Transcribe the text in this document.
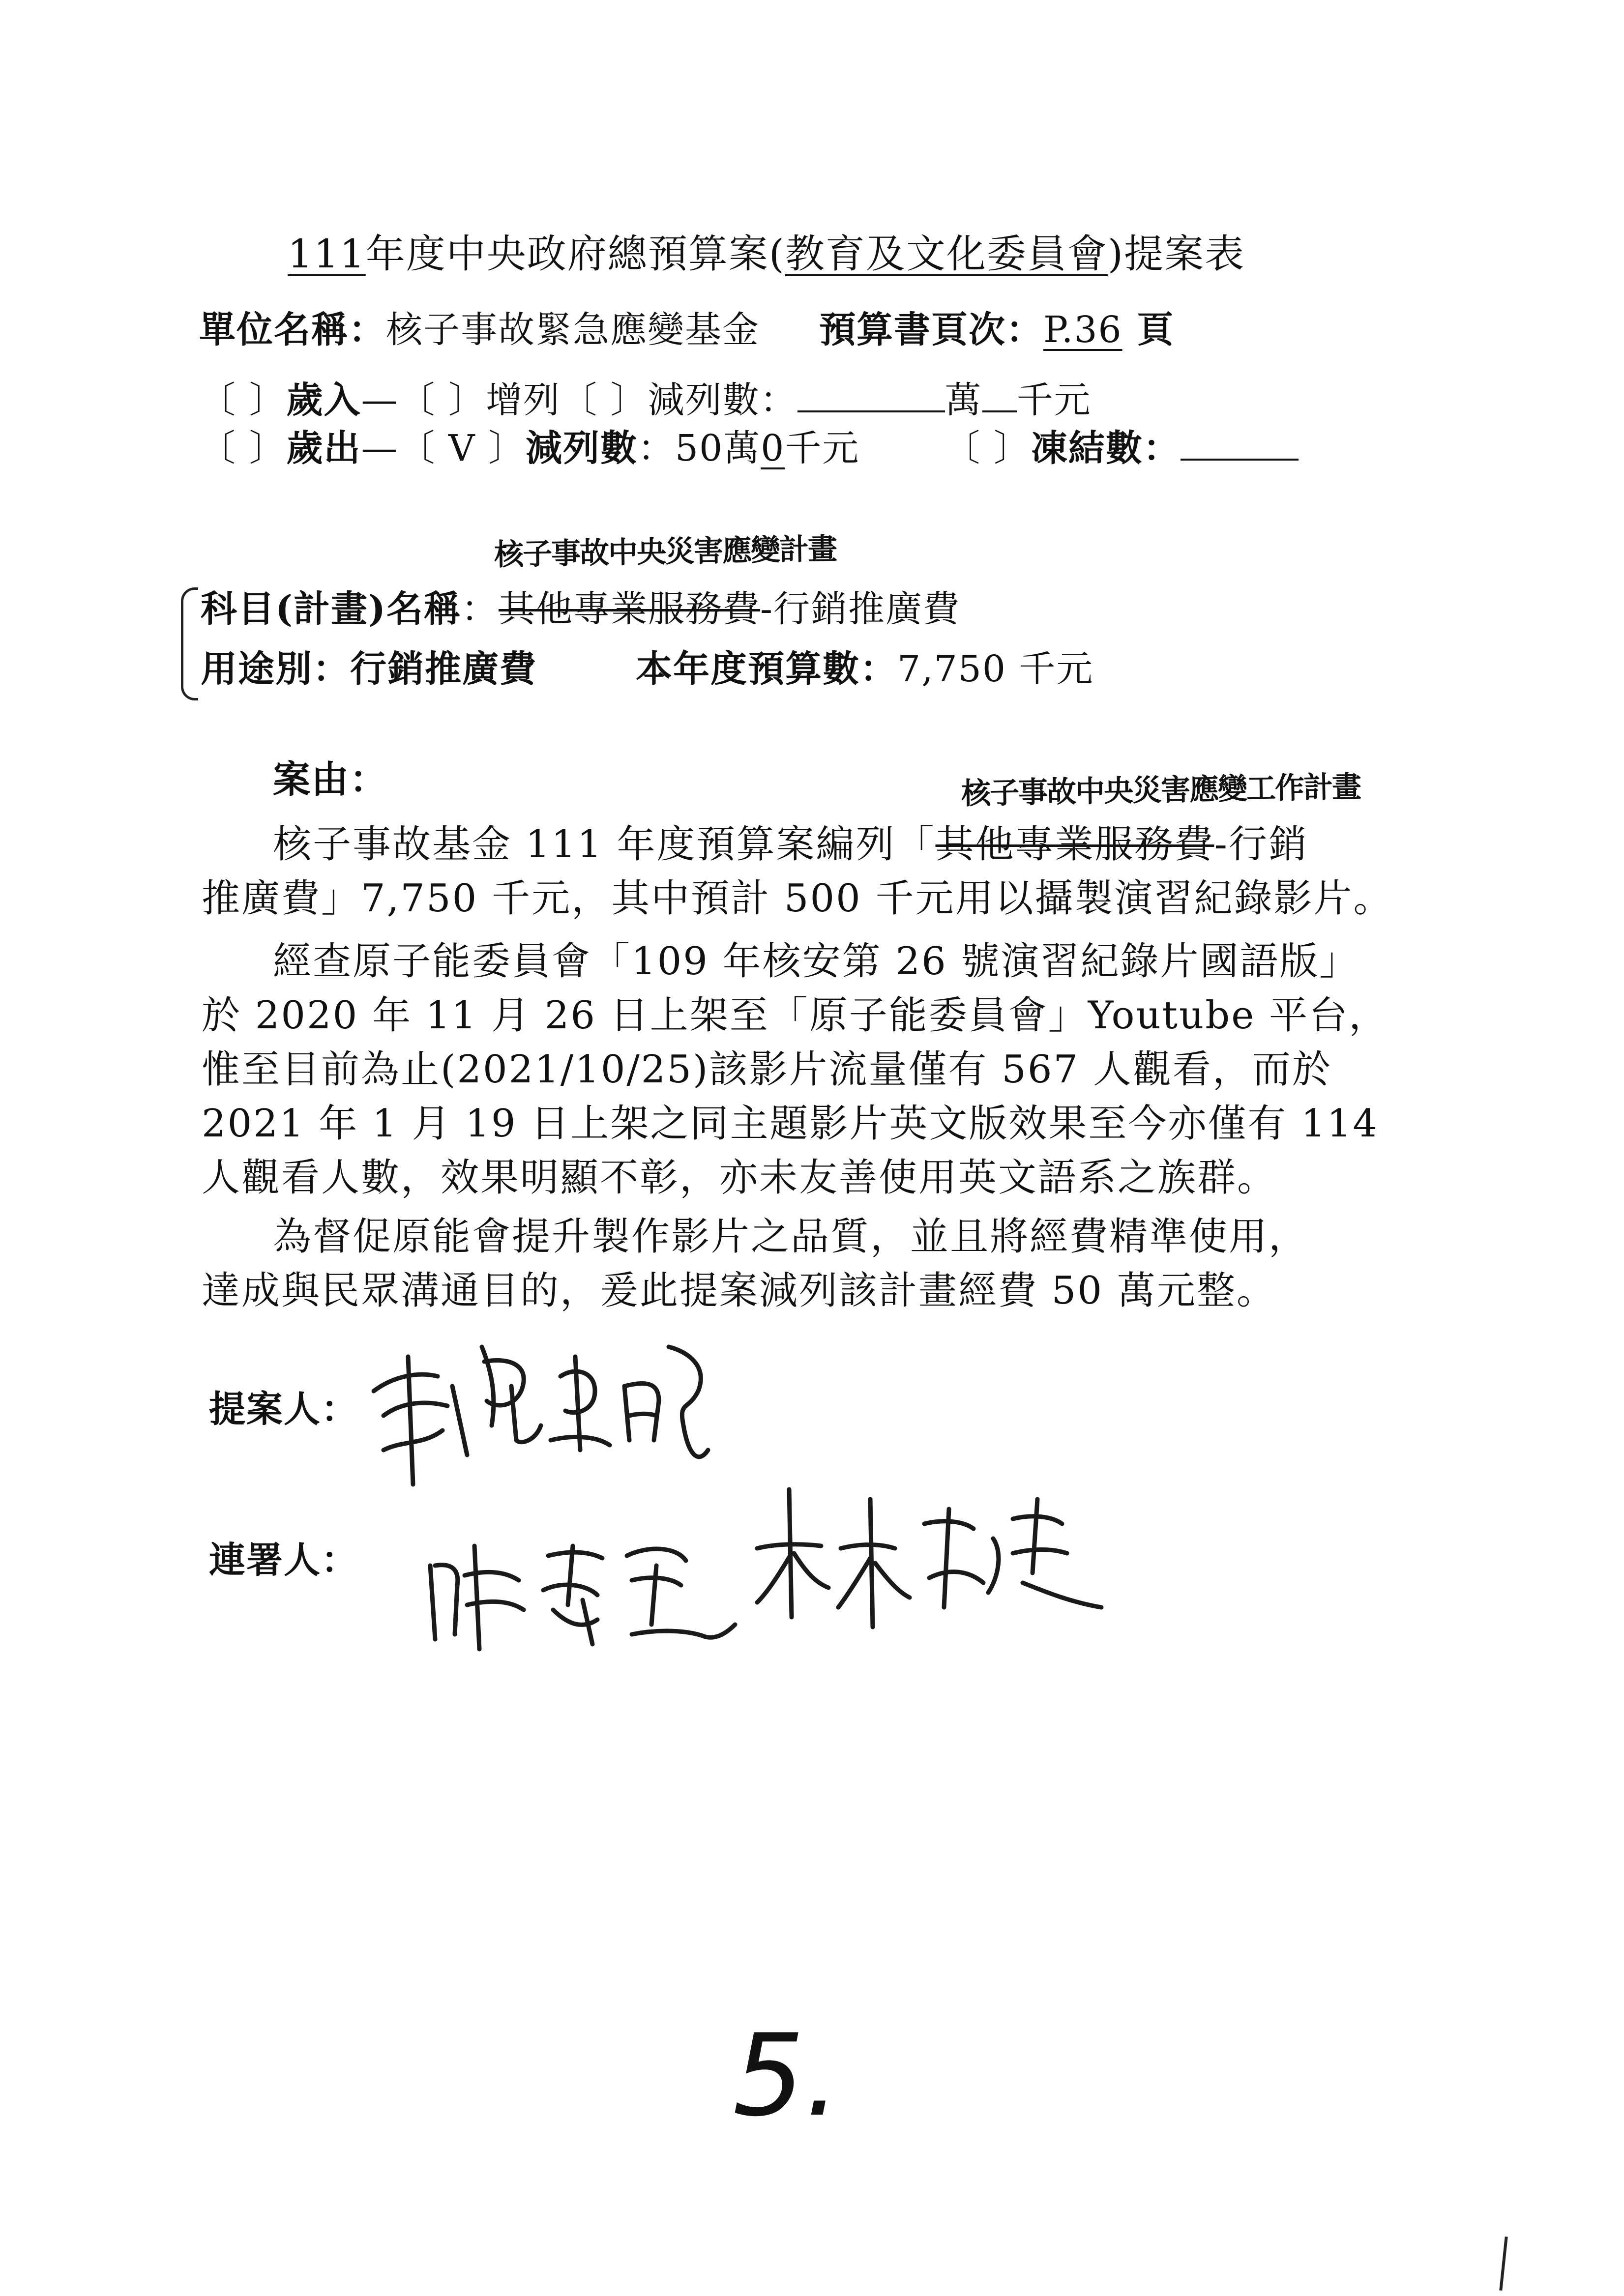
111年度中央政府總預算案(教育及文化委員會)提案表
單位名稱：核子事故緊急應變基金 預算書頁次：P.36 頁
〔 〕歲入—〔 〕增列〔 〕減列數：	萬 千元
〔 〕歲出—〔 V 〕減列數：50萬0千元 〔 〕凍結數：
核子事故中央災害應變計畫
科目(計畫)名稱：其他專業服務費-行銷推廣費
用途別：行銷推廣費	本年度預算數：7,750 千元
案由：	核子事故中央災害應變工作計畫
核子事故基金 111 年度預算案編列「其他專業服務費-行銷
推廣費」7,750 千元，其中預計 500 千元用以攝製演習紀錄影片。
經查原子能委員會「109 年核安第 26 號演習紀錄片國語版」
於 2020 年 11 月 26 日上架至「原子能委員會」Youtube 平台，
惟至目前為止(2021/10/25)該影片流量僅有 567 人觀看，而於
2021 年 1 月 19 日上架之同主題影片英文版效果至今亦僅有 114
人觀看人數，效果明顯不彰，亦未友善使用英文語系之族群。
為督促原能會提升製作影片之品質，並且將經費精準使用，
達成與民眾溝通目的，爰此提案減列該計畫經費 50 萬元整。
提案人：
連署人：
5.
